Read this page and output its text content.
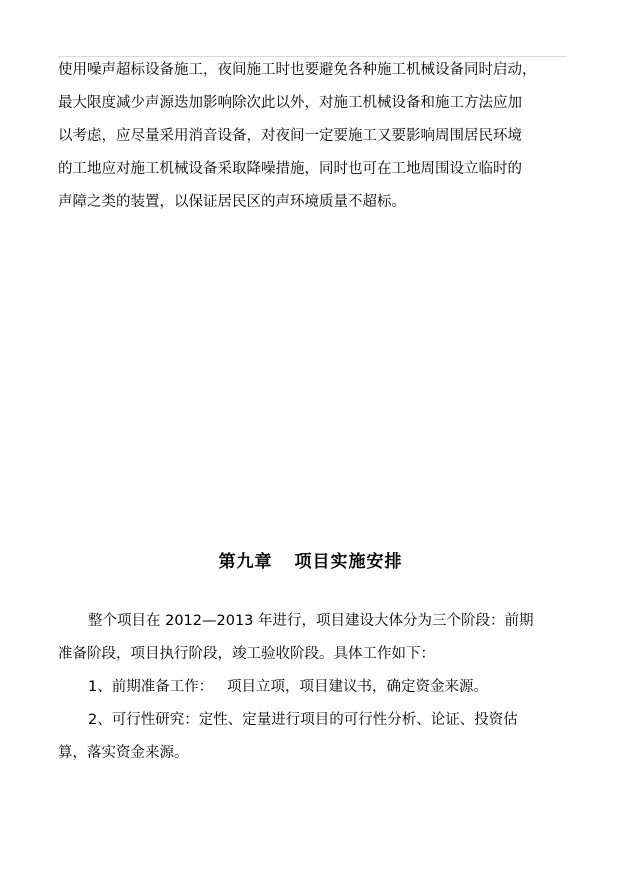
使用噪声超标设备施工，夜间施工时也要避免各种施工机械设备同时启动，
最大限度减少声源迭加影响除次此以外，对施工机械设备和施工方法应加
以考虑，应尽量采用消音设备，对夜间一定要施工又要影响周围居民环境
的工地应对施工机械设备采取降噪措施，同时也可在工地周围设立临时的
声障之类的装置，以保证居民区的声环境质量不超标。
第九章 项目实施安排
整个项目在 2012—2013 年进行，项目建设大体分为三个阶段：前期
准备阶段，项目执行阶段，竣工验收阶段。具体工作如下：
1、前期准备工作：   项目立项，项目建议书，确定资金来源。
2、可行性研究：定性、定量进行项目的可行性分析、论证、投资估
算，落实资金来源。
